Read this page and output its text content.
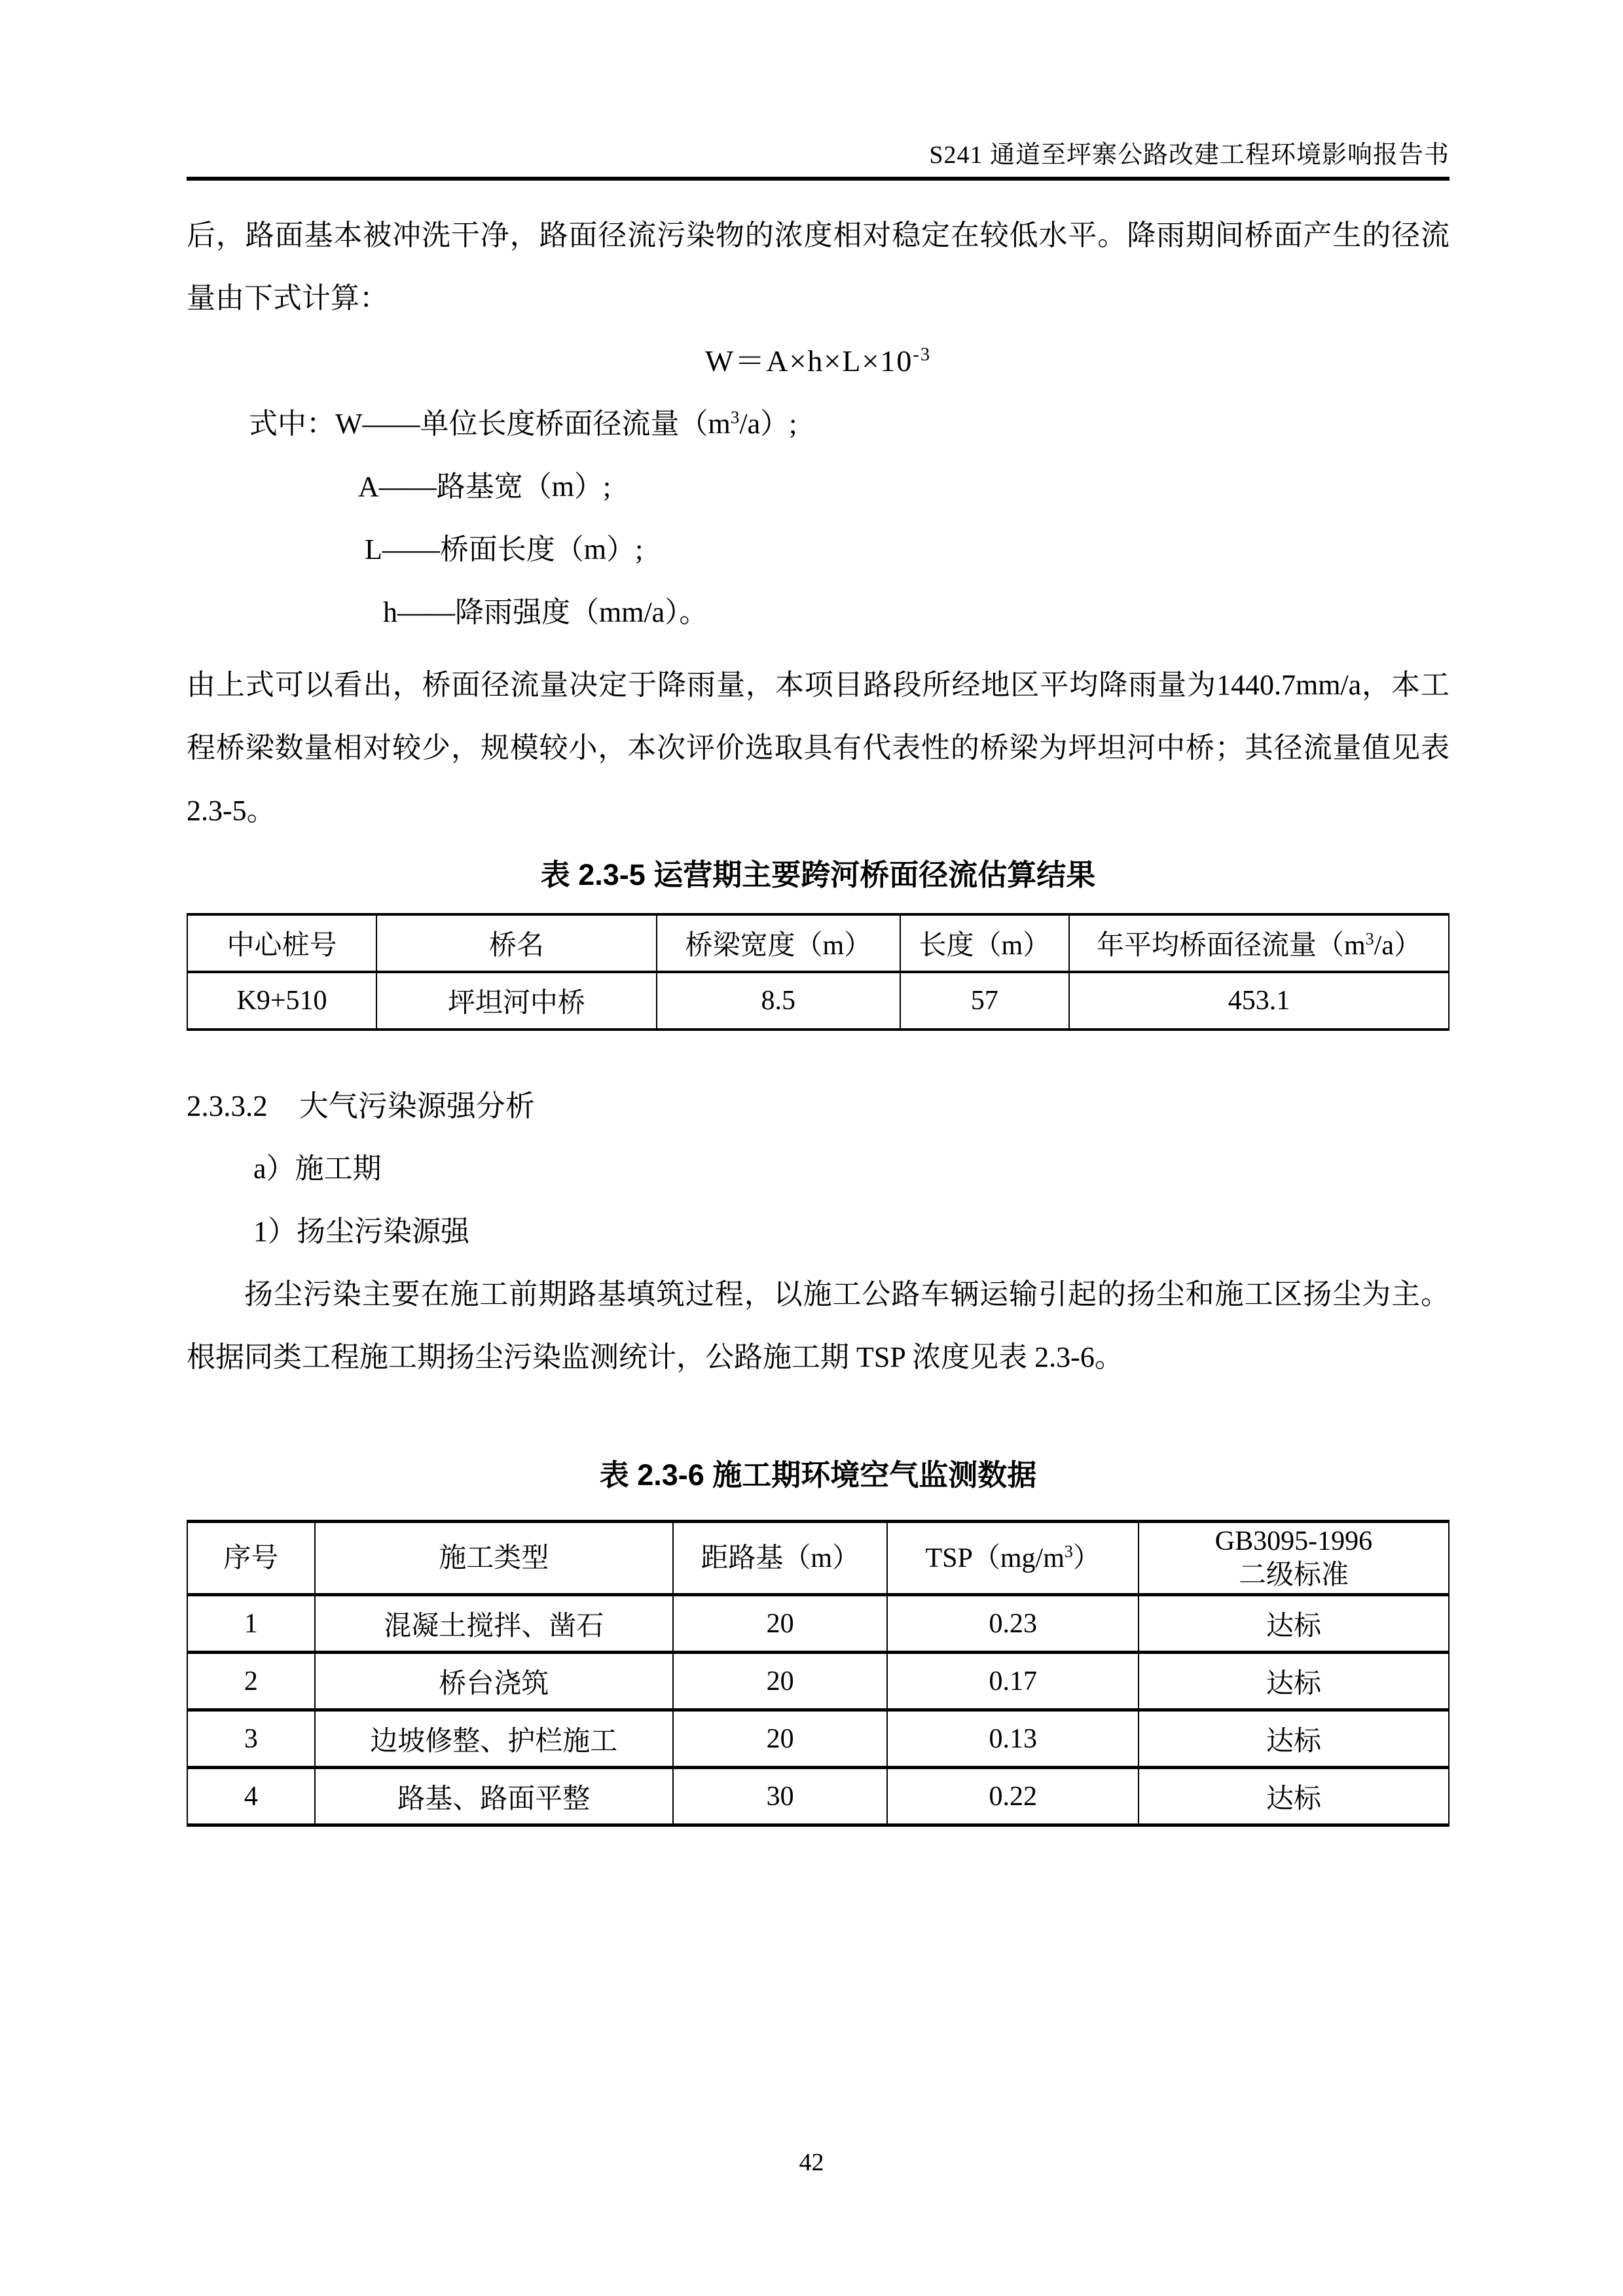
S241 通道至坪寨公路改建工程环境影响报告书

后，路面基本被冲洗干净，路面径流污染物的浓度相对稳定在较低水平。降雨期间桥面产生的径流量由下式计算：

$W=A\times h\times L\times 10^{-3}$
式中：W——单位长度桥面径流量$(m^3/a)$;
A——路基宽（m）;
L——桥面长度（m）;
h——降雨强度（mm/a）。

由上式可以看出，桥面径流量决定于降雨量，本项目路段所经地区平均降雨量为1440.7mm/a，本工程桥梁数量相对较少，规模较小，本次评价选取具有代表性的桥梁为坪坦河中桥；其径流量值见表 2.3-5。

表 2.3-5 运营期主要跨河桥面径流估算结果
中心桩号	桥名	桥梁宽度（m）	长度（m）	年平均桥面径流量$(m^3/a)$
K9+510	坪坦河中桥	8.5	57	453.1
2.3.3.2 大气污染源强分析
a）施工期
1）扬尘污染源强

扬尘污染主要在施工前期路基填筑过程，以施工公路车辆运输引起的扬尘和施工区扬尘为主。根据同类工程施工期扬尘污染监测统计，公路施工期 TSP 浓度见表 2.3-6。

表 2.3-6 施工期环境空气监测数据
序号	施工类型	距路基（m）	$TSP(mg/m^3)$	GB3095-1996
二级标准

1	混凝土搅拌、凿石	20	0.23	达标
2	桥台浇筑	20	0.17	达标
3	边坡修整、护栏施工	20	0.13	达标
4	路基、路面平整	30	0.22	达标
42
